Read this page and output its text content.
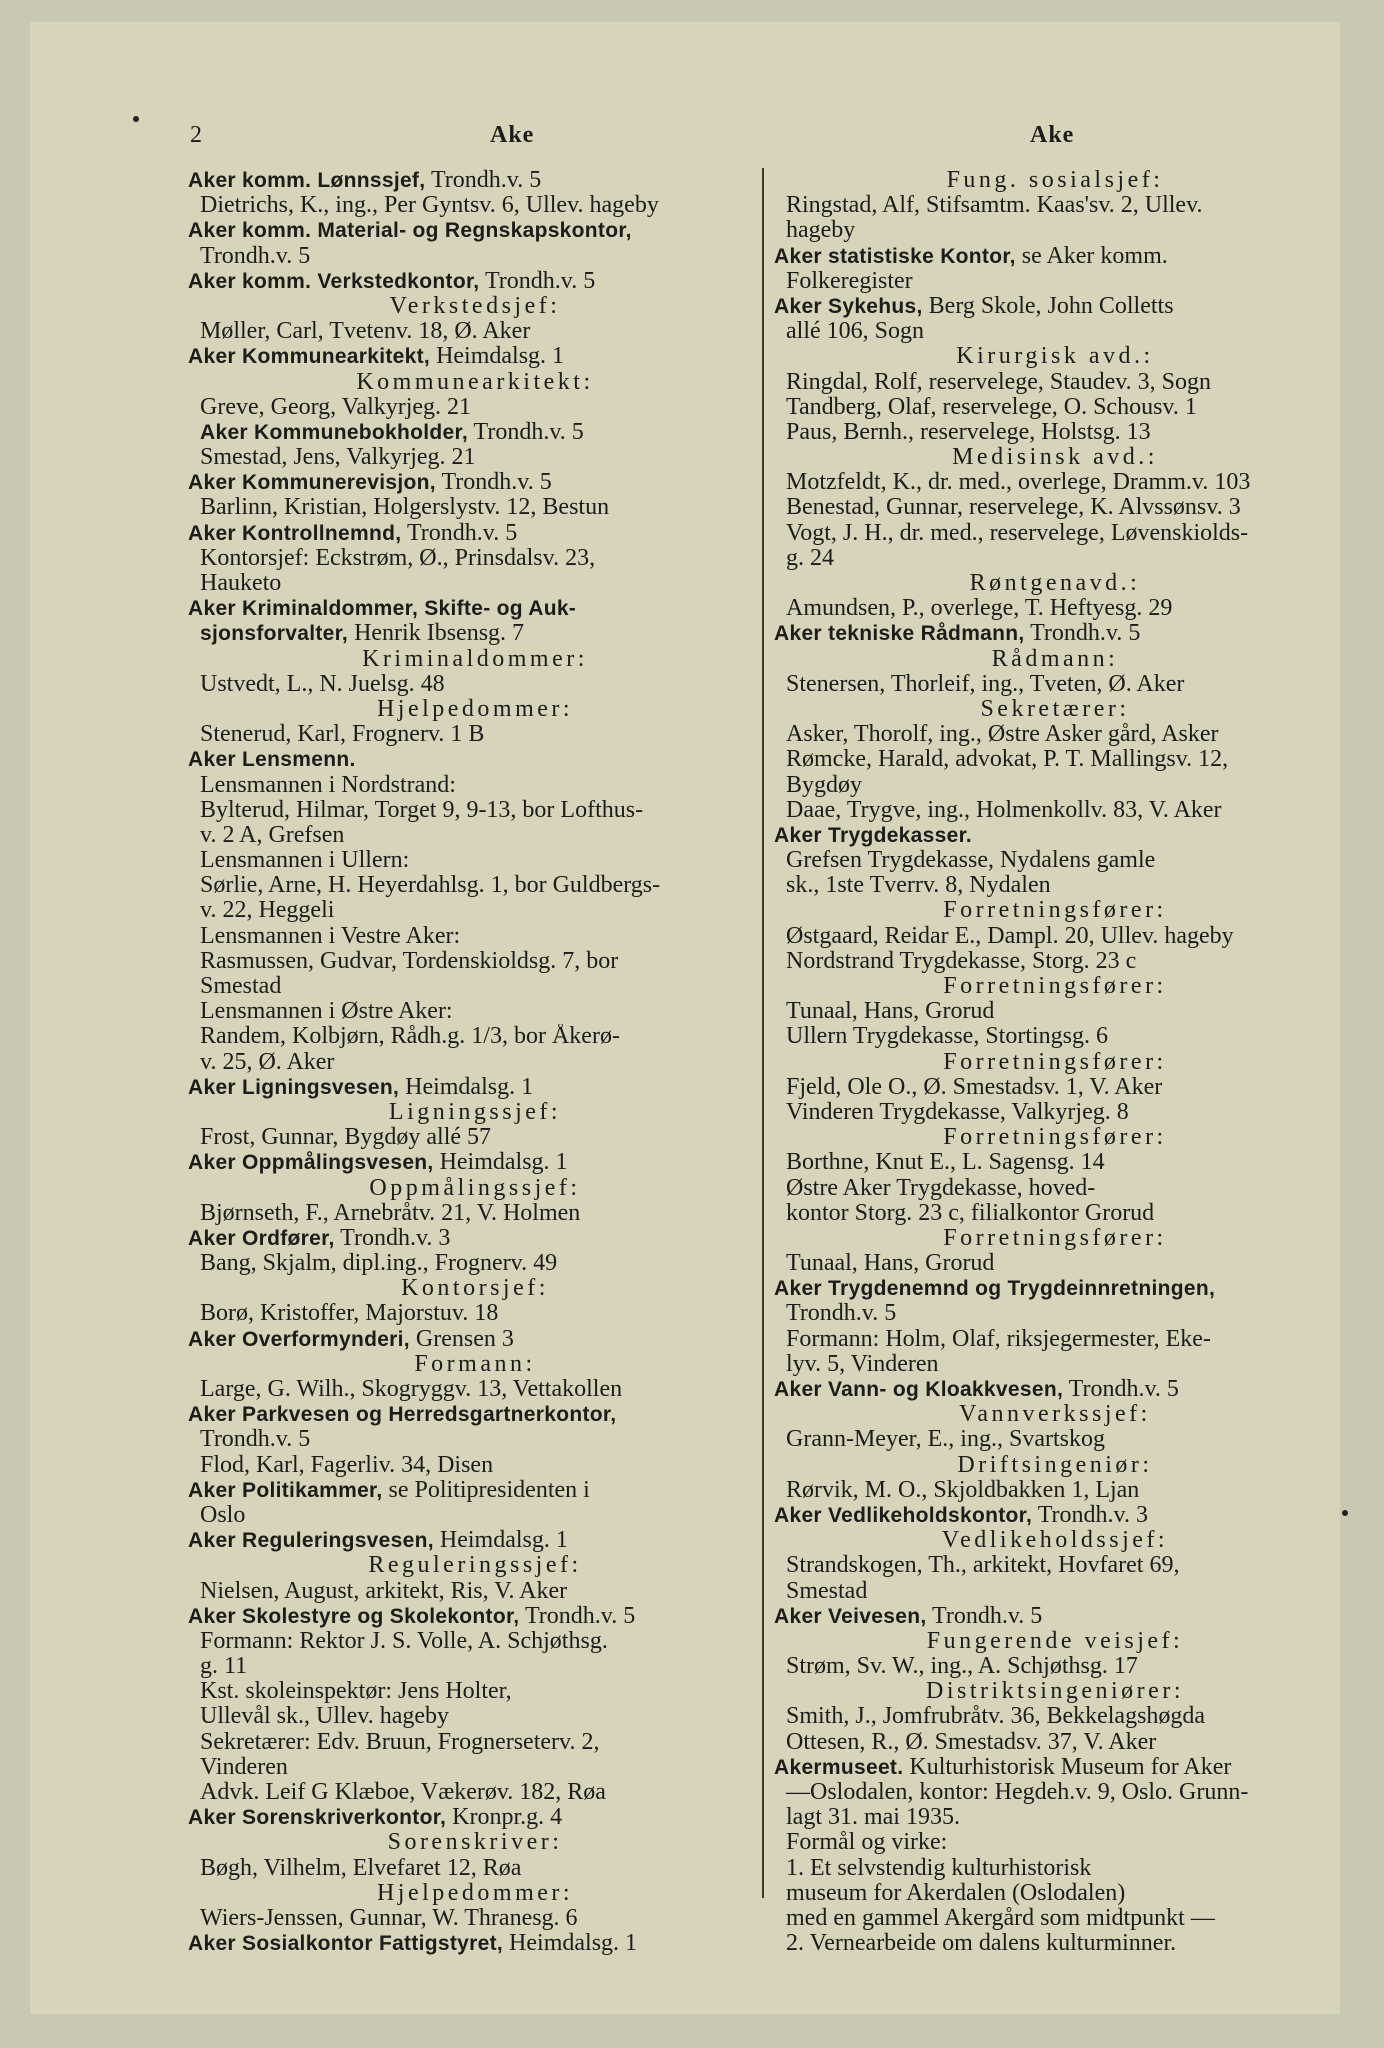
2	Ake	Ake
Aker komm. Lønnssjef, Trondh.v. 5
Dietrichs, K., ing., Per Gyntsv. 6, Ullev. hageby
Aker komm. Material- og Regnskapskontor,
Trondh.v. 5
Aker komm. Verkstedkontor, Trondh.v. 5
Verkstedsjef:
Møller, Carl, Tvetenv. 18, Ø. Aker
Aker Kommunearkitekt, Heimdalsg. 1
Kommunearkitekt:
Greve, Georg, Valkyrjeg. 21
Aker Kommunebokholder, Trondh.v. 5
Smestad, Jens, Valkyrjeg. 21
Aker Kommunerevisjon, Trondh.v. 5
Barlinn, Kristian, Holgerslystv. 12, Bestun
Aker Kontrollnemnd, Trondh.v. 5
Kontorsjef: Eckstrøm, Ø., Prinsdalsv. 23,
Hauketo
Aker Kriminaldommer, Skifte- og Auk-
sjonsforvalter, Henrik Ibsensg. 7
Kriminaldommer:
Ustvedt, L., N. Juelsg. 48
Hjelpedommer:
Stenerud, Karl, Frognerv. 1 B
Aker Lensmenn.
Lensmannen i Nordstrand:
Bylterud, Hilmar, Torget 9, 9-13, bor Lofthus-
v. 2 A, Grefsen
Lensmannen i Ullern:
Sørlie, Arne, H. Heyerdahlsg. 1, bor Guldbergs-
v. 22, Heggeli
Lensmannen i Vestre Aker:
Rasmussen, Gudvar, Tordenskioldsg. 7, bor
Smestad
Lensmannen i Østre Aker:
Randem, Kolbjørn, Rådh.g. 1/3, bor Åkerø-
v. 25, Ø. Aker
Aker Ligningsvesen, Heimdalsg. 1
Ligningssjef:
Frost, Gunnar, Bygdøy allé 57
Aker Oppmålingsvesen, Heimdalsg. 1
Oppmålingssjef:
Bjørnseth, F., Arnebråtv. 21, V. Holmen
Aker Ordfører, Trondh.v. 3
Bang, Skjalm, dipl.ing., Frognerv. 49
Kontorsjef:
Borø, Kristoffer, Majorstuv. 18
Aker Overformynderi, Grensen 3
Formann:
Large, G. Wilh., Skogryggv. 13, Vettakollen
Aker Parkvesen og Herredsgartnerkontor,
Trondh.v. 5
Flod, Karl, Fagerliv. 34, Disen
Aker Politikammer, se Politipresidenten i
Oslo
Aker Reguleringsvesen, Heimdalsg. 1
Reguleringssjef:
Nielsen, August, arkitekt, Ris, V. Aker
Aker Skolestyre og Skolekontor, Trondh.v. 5
Formann: Rektor J. S. Volle, A. Schjøthsg.
g. 11
Kst. skoleinspektør: Jens Holter,
Ullevål sk., Ullev. hageby
Sekretærer: Edv. Bruun, Frognerseterv. 2,
Vinderen
Advk. Leif G Klæboe, Vækerøv. 182, Røa
Aker Sorenskriverkontor, Kronpr.g. 4
Sorenskriver:
Bøgh, Vilhelm, Elvefaret 12, Røa
Hjelpedommer:
Wiers-Jenssen, Gunnar, W. Thranesg. 6
Aker Sosialkontor Fattigstyret, Heimdalsg. 1
Fung. sosialsjef:
Ringstad, Alf, Stifsamtm. Kaas'sv. 2, Ullev.
hageby
Aker statistiske Kontor, se Aker komm.
Folkeregister
Aker Sykehus, Berg Skole, John Colletts
allé 106, Sogn
Kirurgisk avd.:
Ringdal, Rolf, reservelege, Staudev. 3, Sogn
Tandberg, Olaf, reservelege, O. Schousv. 1
Paus, Bernh., reservelege, Holstsg. 13
Medisinsk avd.:
Motzfeldt, K., dr. med., overlege, Dramm.v. 103
Benestad, Gunnar, reservelege, K. Alvssønsv. 3
Vogt, J. H., dr. med., reservelege, Løvenskiolds-
g. 24
Røntgenavd.:
Amundsen, P., overlege, T. Heftyesg. 29
Aker tekniske Rådmann, Trondh.v. 5
Rådmann:
Stenersen, Thorleif, ing., Tveten, Ø. Aker
Sekretærer:
Asker, Thorolf, ing., Østre Asker gård, Asker
Rømcke, Harald, advokat, P. T. Mallingsv. 12,
Bygdøy
Daae, Trygve, ing., Holmenkollv. 83, V. Aker
Aker Trygdekasser.
Grefsen Trygdekasse, Nydalens gamle
sk., 1ste Tverrv. 8, Nydalen
Forretningsfører:
Østgaard, Reidar E., Dampl. 20, Ullev. hageby
Nordstrand Trygdekasse, Storg. 23 c
Forretningsfører:
Tunaal, Hans, Grorud
Ullern Trygdekasse, Stortingsg. 6
Forretningsfører:
Fjeld, Ole O., Ø. Smestadsv. 1, V. Aker
Vinderen Trygdekasse, Valkyrjeg. 8
Forretningsfører:
Borthne, Knut E., L. Sagensg. 14
Østre Aker Trygdekasse, hoved-
kontor Storg. 23 c, filialkontor Grorud
Forretningsfører:
Tunaal, Hans, Grorud
Aker Trygdenemnd og Trygdeinnretningen,
Trondh.v. 5
Formann: Holm, Olaf, riksjegermester, Eke-
lyv. 5, Vinderen
Aker Vann- og Kloakkvesen, Trondh.v. 5
Vannverkssjef:
Grann-Meyer, E., ing., Svartskog
Driftsingeniør:
Rørvik, M. O., Skjoldbakken 1, Ljan
Aker Vedlikeholdskontor, Trondh.v. 3
Vedlikeholdssjef:
Strandskogen, Th., arkitekt, Hovfaret 69,
Smestad
Aker Veivesen, Trondh.v. 5
Fungerende veisjef:
Strøm, Sv. W., ing., A. Schjøthsg. 17
Distriktsingeniører:
Smith, J., Jomfrubråtv. 36, Bekkelagshøgda
Ottesen, R., Ø. Smestadsv. 37, V. Aker
Akermuseet. Kulturhistorisk Museum for Aker
—Oslodalen, kontor: Hegdeh.v. 9, Oslo. Grunn-
lagt 31. mai 1935.
Formål og virke:
1. Et selvstendig kulturhistorisk
museum for Akerdalen (Oslodalen)
med en gammel Akergård som midtpunkt —
2. Vernearbeide om dalens kulturminner.
